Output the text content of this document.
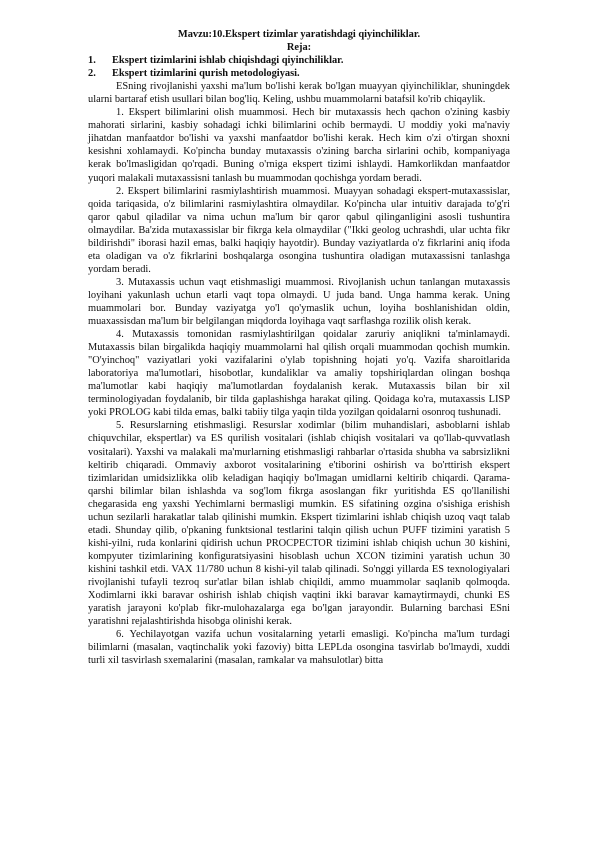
Mavzu:10.Ekspert tizimlar yaratishdagi qiyinchiliklar.

Reja:

1. Ekspert tizimlarini ishlab chiqishdagi qiyinchiliklar.
2. Ekspert tizimlarini qurish metodologiyasi.

ESning rivojlanishi yaxshi ma'lum bo'lishi kerak bo'lgan muayyan qiyinchiliklar, shuningdek ularni bartaraf etish usullari bilan bog'liq. Keling, ushbu muammolarni batafsil ko'rib chiqaylik.

1. Ekspert bilimlarini olish muammosi. Hech bir mutaxassis hech qachon o'zining kasbiy mahorati sirlarini, kasbiy sohadagi ichki bilimlarini ochib bermaydi. U moddiy yoki ma'naviy jihatdan manfaatdor bo'lishi va yaxshi manfaatdor bo'lishi kerak. Hech kim o'zi o'tirgan shoxni kesishni xohlamaydi. Ko'pincha bunday mutaxassis o'zining barcha sirlarini ochib, kompaniyaga kerak bo'lmasligidan qo'rqadi. Buning o'rniga ekspert tizimi ishlaydi. Hamkorlikdan manfaatdor yuqori malakali mutaxassisni tanlash bu muammodan qochishga yordam beradi.

2. Ekspert bilimlarini rasmiylashtirish muammosi. Muayyan sohadagi ekspert-mutaxassislar, qoida tariqasida, o'z bilimlarini rasmiylashtira olmaydilar. Ko'pincha ular intuitiv darajada to'g'ri qaror qabul qiladilar va nima uchun ma'lum bir qaror qabul qilinganligini asosli tushuntira olmaydilar. Ba'zida mutaxassislar bir fikrga kela olmaydilar ("Ikki geolog uchrashdi, ular uchta fikr bildirishdi" iborasi hazil emas, balki haqiqiy hayotdir). Bunday vaziyatlarda o'z fikrlarini aniq ifoda eta oladigan va o'z fikrlarini boshqalarga osongina tushuntira oladigan mutaxassisni tanlashga yordam beradi.

3. Mutaxassis uchun vaqt etishmasligi muammosi. Rivojlanish uchun tanlangan mutaxassis loyihani yakunlash uchun etarli vaqt topa olmaydi. U juda band. Unga hamma kerak. Uning muammolari bor. Bunday vaziyatga yo'l qo'ymaslik uchun, loyiha boshlanishidan oldin, muaxassisdan ma'lum bir belgilangan miqdorda loyihaga vaqt sarflashga rozilik olish kerak.

4. Mutaxassis tomonidan rasmiylashtirilgan qoidalar zaruriy aniqlikni ta'minlamaydi. Mutaxassis bilan birgalikda haqiqiy muammolarni hal qilish orqali muammodan qochish mumkin. "O'yinchoq" vaziyatlari yoki vazifalarini o'ylab topishning hojati yo'q. Vazifa sharoitlarida laboratoriya ma'lumotlari, hisobotlar, kundaliklar va amaliy topshiriqlardan olingan boshqa ma'lumotlar kabi haqiqiy ma'lumotlardan foydalanish kerak. Mutaxassis bilan bir xil terminologiyadan foydalanib, bir tilda gaplashishga harakat qiling. Qoidaga ko'ra, mutaxassis LISP yoki PROLOG kabi tilda emas, balki tabiiy tilga yaqin tilda yozilgan qoidalarni osonroq tushunadi.

5. Resurslarning etishmasligi. Resurslar xodimlar (bilim muhandislari, asboblarni ishlab chiquvchilar, ekspertlar) va ES qurilish vositalari (ishlab chiqish vositalari va qo'llab-quvvatlash vositalari). Yaxshi va malakali ma'murlarning etishmasligi rahbarlar o'rtasida shubha va sabrsizlikni keltirib chiqaradi. Ommaviy axborot vositalarining e'tiborini oshirish va bo'rttirish ekspert tizimlaridan umidsizlikka olib keladigan haqiqiy bo'lmagan umidlarni keltirib chiqardi. Qarama-qarshi bilimlar bilan ishlashda va sog'lom fikrga asoslangan fikr yuritishda ES qo'llanilishi chegarasida eng yaxshi Yechimlarni bermasligi mumkin. ES sifatining ozgina o'sishiga erishish uchun sezilarli harakatlar talab qilinishi mumkin. Ekspert tizimlarini ishlab chiqish uzoq vaqt talab etadi. Shunday qilib, o'pkaning funktsional testlarini talqin qilish uchun PUFF tizimini yaratish 5 kishi-yilni, ruda konlarini qidirish uchun PROCPECTOR tizimini ishlab chiqish uchun 30 kishini, kompyuter tizimlarining konfiguratsiyasini hisoblash uchun XCON tizimini yaratish uchun 30 kishini tashkil etdi. VAX 11/780 uchun 8 kishi-yil talab qilinadi. So'nggi yillarda ES texnologiyalari rivojlanishi tufayli tezroq sur'atlar bilan ishlab chiqildi, ammo muammolar saqlanib qolmoqda. Xodimlarni ikki baravar oshirish ishlab chiqish vaqtini ikki baravar kamaytirmaydi, chunki ES yaratish jarayoni ko'plab fikr-mulohazalarga ega bo'lgan jarayondir. Bularning barchasi ESni yaratishni rejalashtirishda hisobga olinishi kerak.

6. Yechilayotgan vazifa uchun vositalarning yetarli emasligi. Ko'pincha ma'lum turdagi bilimlarni (masalan, vaqtinchalik yoki fazoviy) bitta LEPLda osongina tasvirlab bo'lmaydi, xuddi turli xil tasvirlash sxemalarini (masalan, ramkalar va mahsulotlar) bitta
